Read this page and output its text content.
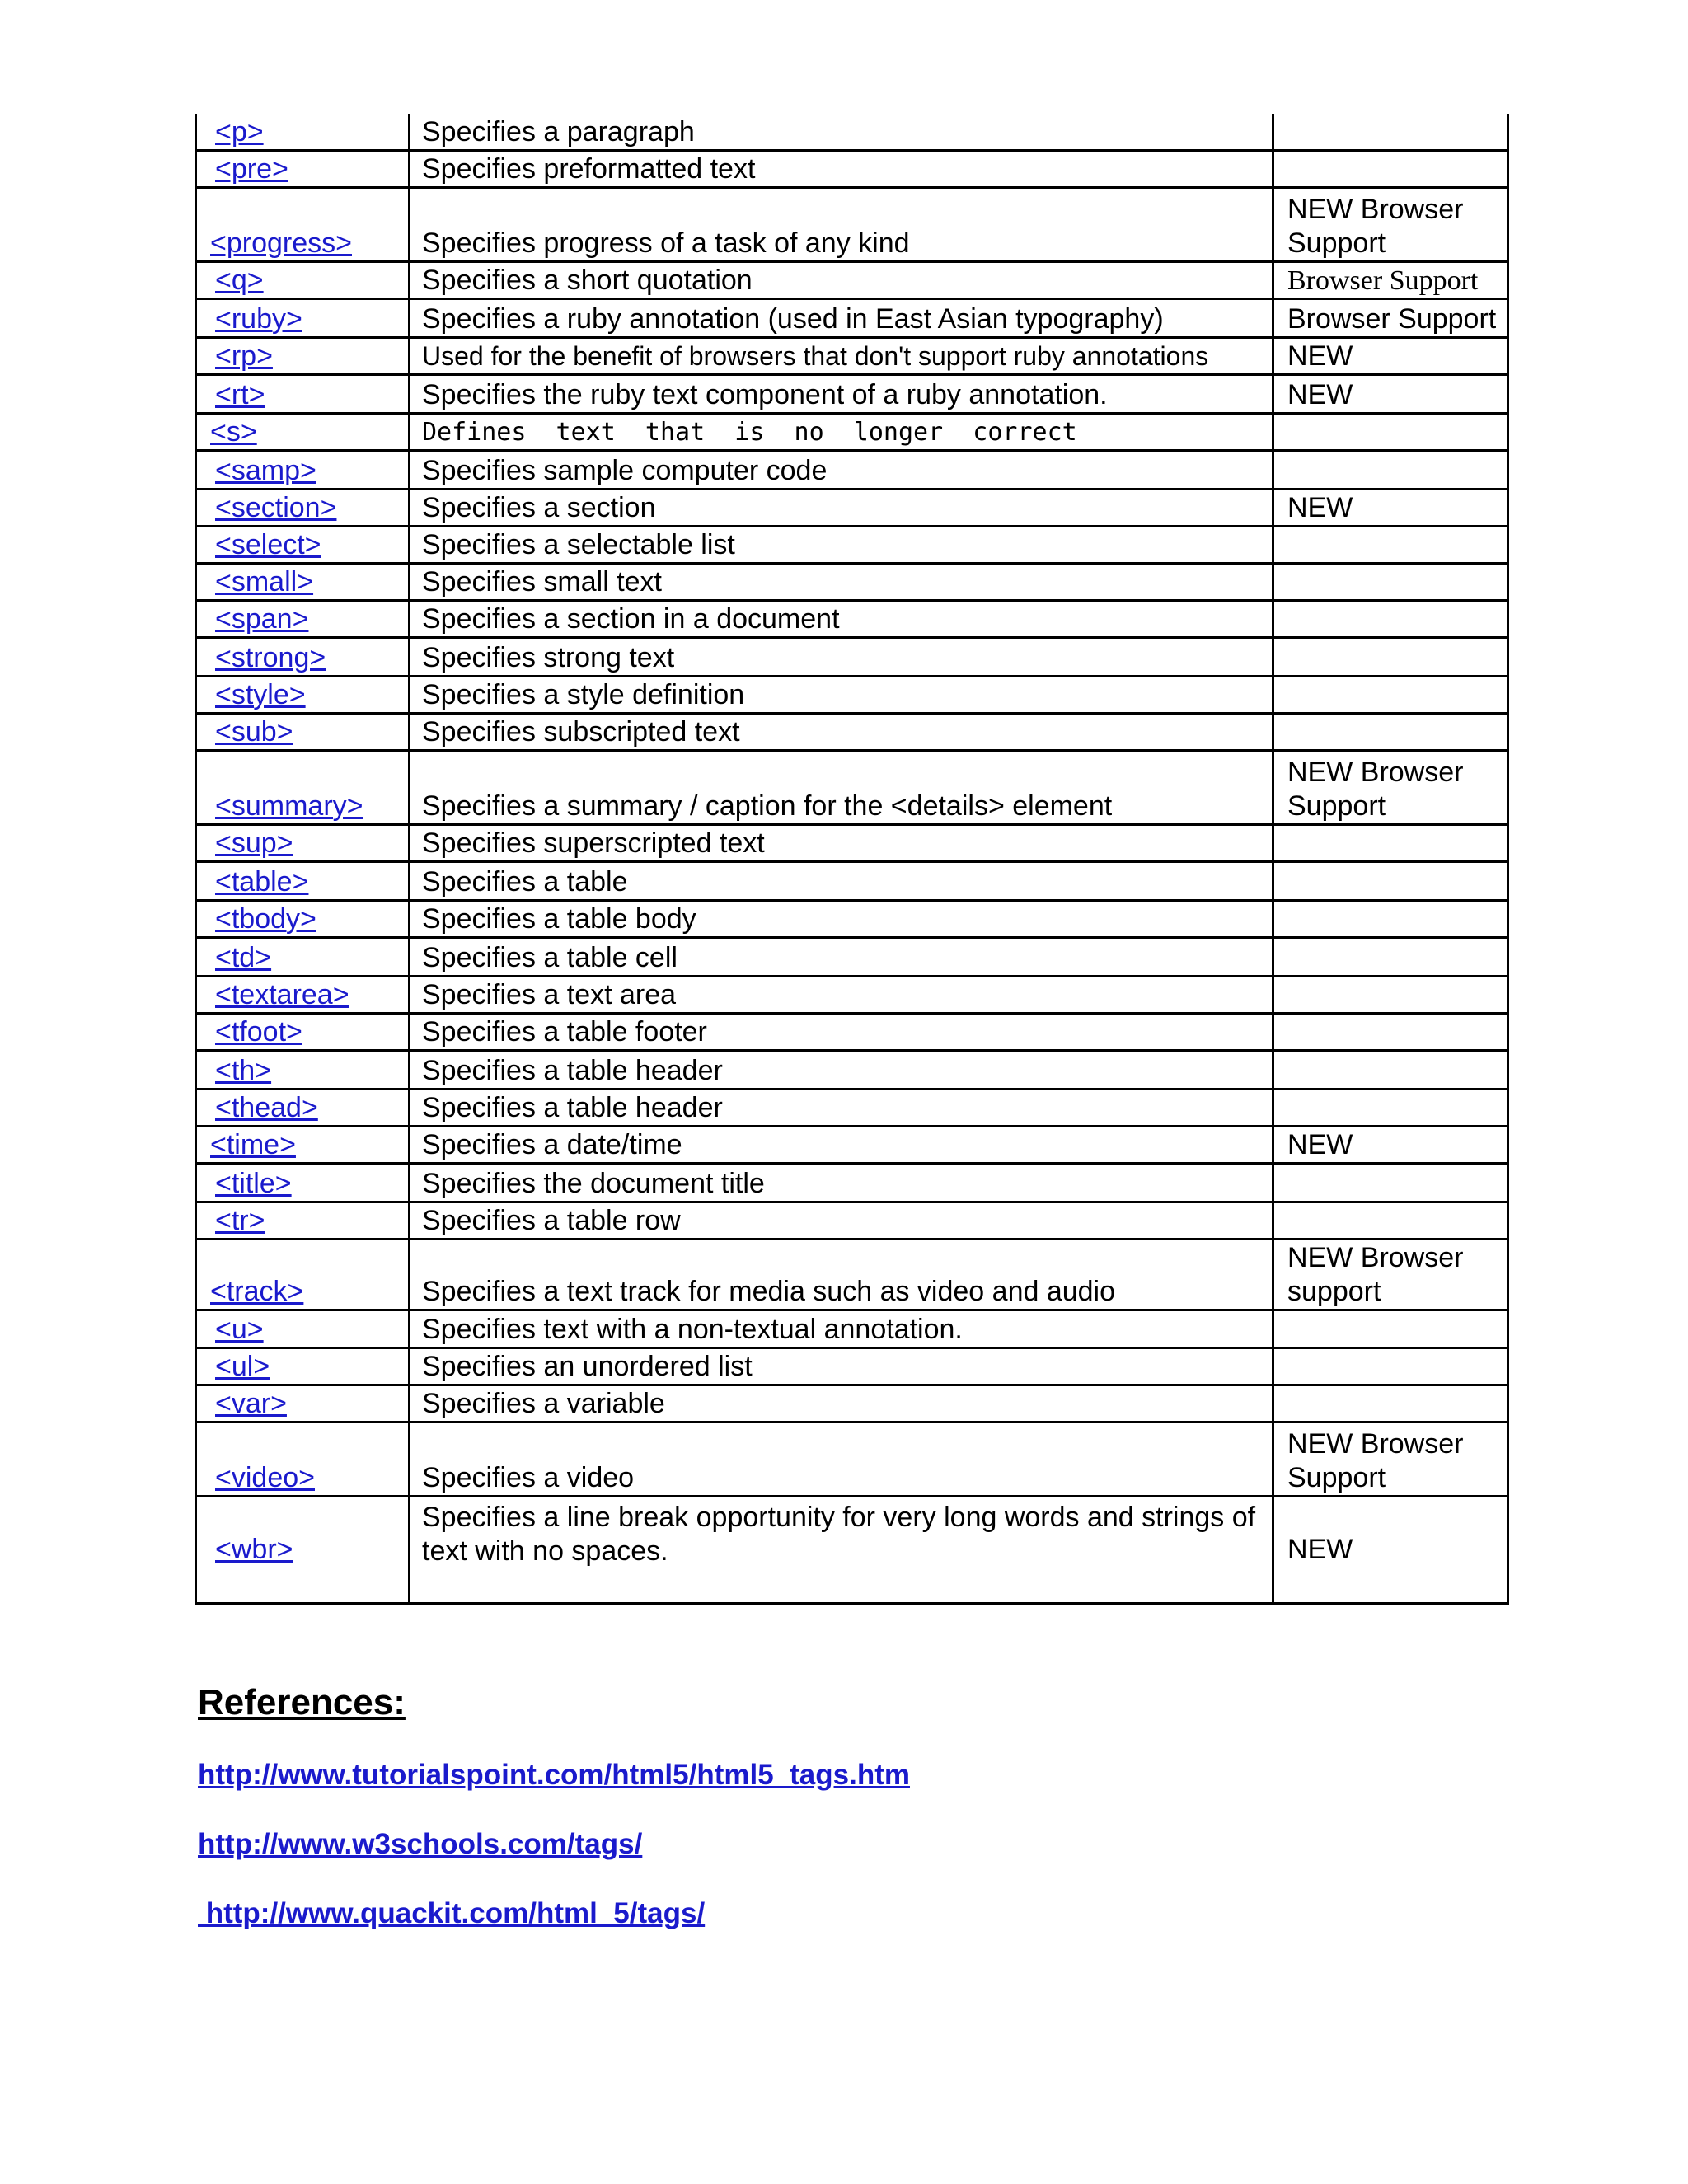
<p>	Specifies a paragraph	
<pre>	Specifies preformatted text	
<progress>	Specifies progress of a task of any kind	NEW Browser Support
<q>	Specifies a short quotation	Browser Support
<ruby>	Specifies a ruby annotation (used in East Asian typography)	Browser Support
<rp>	Used for the benefit of browsers that don't support ruby annotations	NEW
<rt>	Specifies the ruby text component of a ruby annotation.	NEW
<s>	Defines  text  that  is  no  longer  correct	
<samp>	Specifies sample computer code	
<section>	Specifies a section	NEW
<select>	Specifies a selectable list	
<small>	Specifies small text	
<span>	Specifies a section in a document	
<strong>	Specifies strong text	
<style>	Specifies a style definition	
<sub>	Specifies subscripted text	
<summary>	Specifies a summary / caption for the <details> element	NEW Browser Support
<sup>	Specifies superscripted text	
<table>	Specifies a table	
<tbody>	Specifies a table body	
<td>	Specifies a table cell	
<textarea>	Specifies a text area	
<tfoot>	Specifies a table footer	
<th>	Specifies a table header	
<thead>	Specifies a table header	
<time>	Specifies a date/time	NEW
<title>	Specifies the document title	
<tr>	Specifies a table row	
<track>	Specifies a text track for media such as video and audio	NEW Browser support
<u>	Specifies text with a non-textual annotation.	
<ul>	Specifies an unordered list	
<var>	Specifies a variable	
<video>	Specifies a video	NEW Browser Support
<wbr>	Specifies a line break opportunity for very long words and strings of text with no spaces.	NEW
References:
http://www.tutorialspoint.com/html5/html5_tags.htm
http://www.w3schools.com/tags/
http://www.quackit.com/html_5/tags/
